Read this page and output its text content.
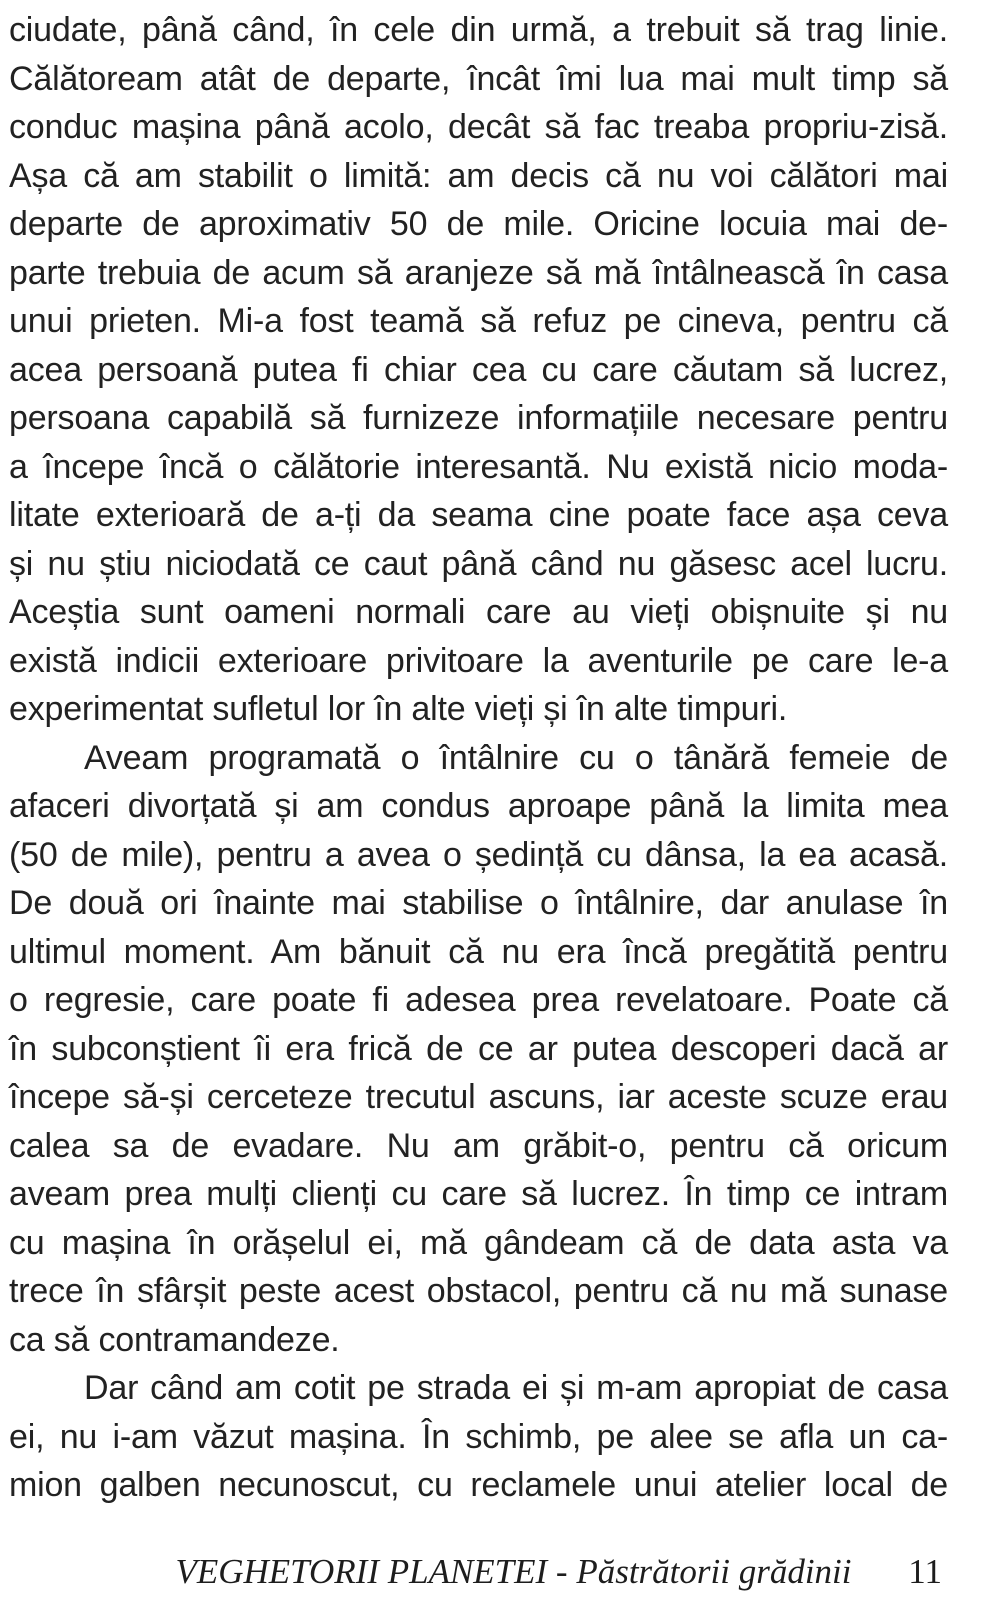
ciudate, până când, în cele din urmă, a trebuit să trag linie.
Călătoream atât de departe, încât îmi lua mai mult timp să
conduc mașina până acolo, decât să fac treaba propriu-zisă.
Așa că am stabilit o limită: am decis că nu voi călători mai
departe de aproximativ 50 de mile. Oricine locuia mai de-
parte trebuia de acum să aranjeze să mă întâlnească în casa
unui prieten. Mi-a fost teamă să refuz pe cineva, pentru că
acea persoană putea fi chiar cea cu care căutam să lucrez,
persoana capabilă să furnizeze informațiile necesare pentru
a începe încă o călătorie interesantă. Nu există nicio moda-
litate exterioară de a-ți da seama cine poate face așa ceva
și nu știu niciodată ce caut până când nu găsesc acel lucru.
Aceștia sunt oameni normali care au vieți obișnuite și nu
există indicii exterioare privitoare la aventurile pe care le-a
experimentat sufletul lor în alte vieți și în alte timpuri.
Aveam programată o întâlnire cu o tânără femeie de
afaceri divorțată și am condus aproape până la limita mea
(50 de mile), pentru a avea o ședință cu dânsa, la ea acasă.
De două ori înainte mai stabilise o întâlnire, dar anulase în
ultimul moment. Am bănuit că nu era încă pregătită pentru
o regresie, care poate fi adesea prea revelatoare. Poate că
în subconștient îi era frică de ce ar putea descoperi dacă ar
începe să-și cerceteze trecutul ascuns, iar aceste scuze erau
calea sa de evadare. Nu am grăbit-o, pentru că oricum
aveam prea mulți clienți cu care să lucrez. În timp ce intram
cu mașina în orășelul ei, mă gândeam că de data asta va
trece în sfârșit peste acest obstacol, pentru că nu mă sunase
ca să contramandeze.
Dar când am cotit pe strada ei și m-am apropiat de casa
ei, nu i-am văzut mașina. În schimb, pe alee se afla un ca-
mion galben necunoscut, cu reclamele unui atelier local de
VEGHETORII PLANETEI - Păstrătorii grădinii 11
